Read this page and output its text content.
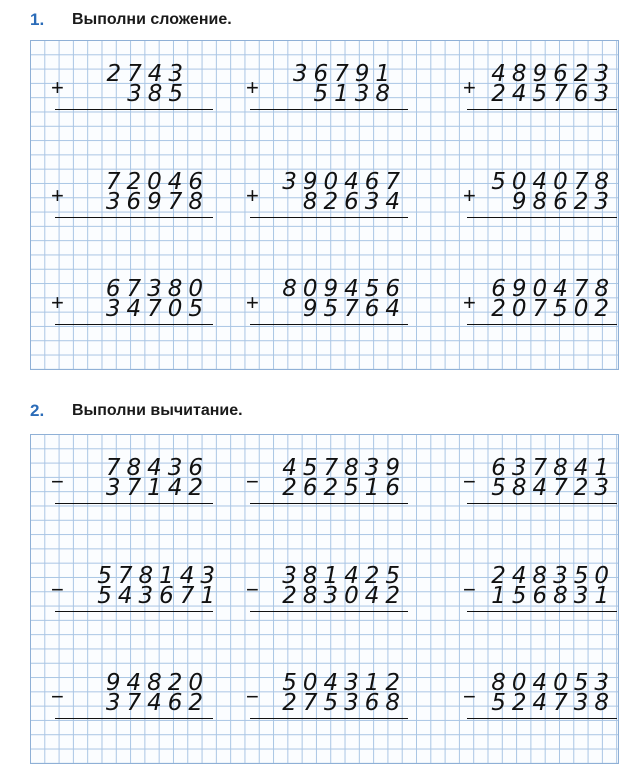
1. Выполни сложение.
+
2743
385	+
36791
5138	+
489623
245763
+
72046
36978 +
390467
82634	+
504078
98623
+
67380
34705 +
809456
95764	+
690478
207502
2. Выполни вычитание.
−
78436
37142 −
457839
262516	−
637841
584723
−
578143
543671 −
381425
283042	−
248350
156831
−
94820
37462 −
504312
275368	−
804053
524738
